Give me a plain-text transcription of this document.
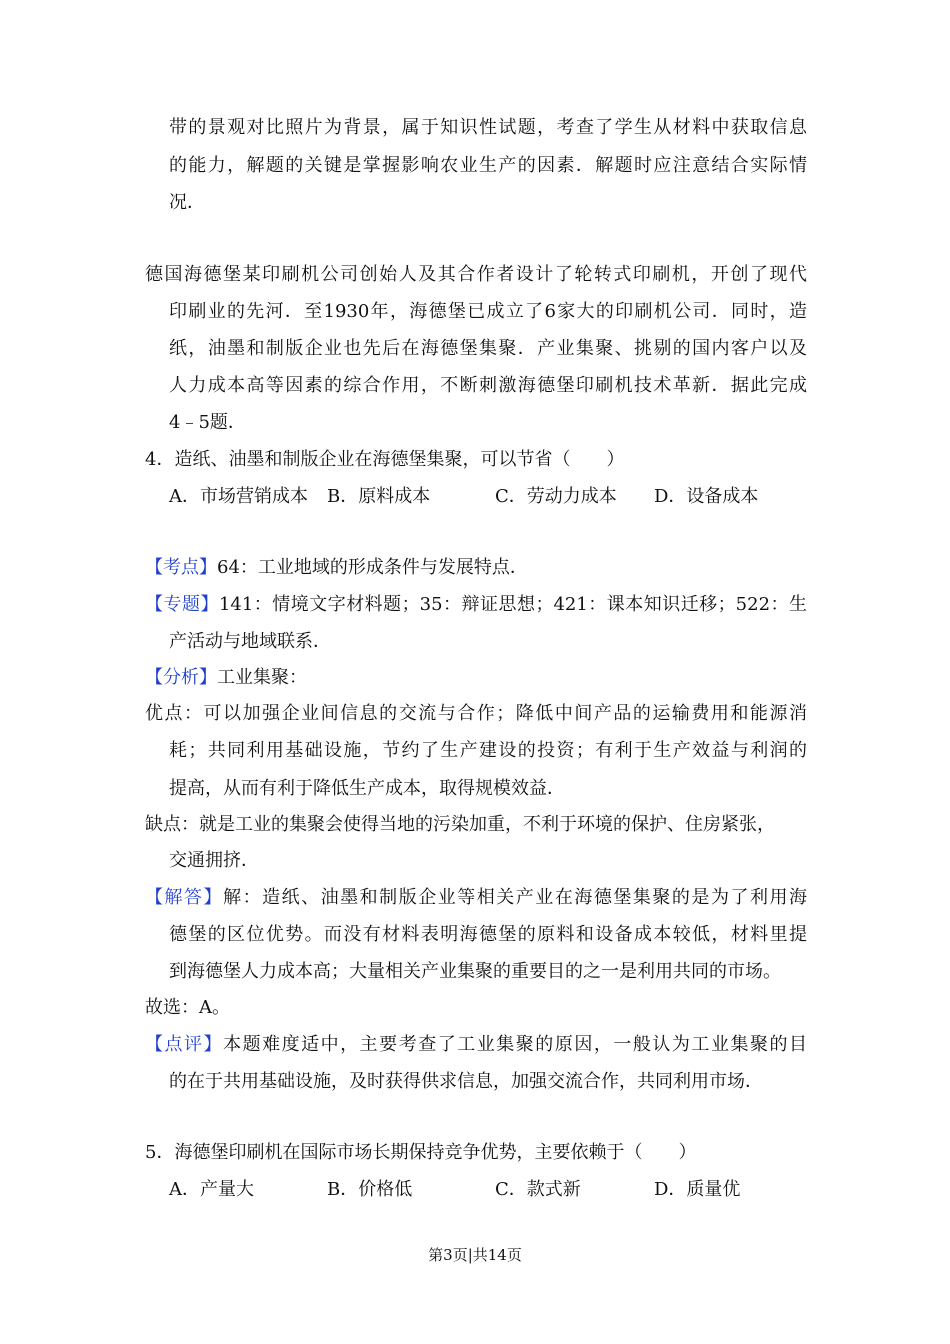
带的景观对比照片为背景，属于知识性试题，考查了学生从材料中获取信息
的能力，解题的关键是掌握影响农业生产的因素．解题时应注意结合实际情
况．
德国海德堡某印刷机公司创始人及其合作者设计了轮转式印刷机，开创了现代
印刷业的先河．至1930年，海德堡已成立了6家大的印刷机公司．同时，造
纸，油墨和制版企业也先后在海德堡集聚．产业集聚、挑剔的国内客户以及
人力成本高等因素的综合作用，不断刺激海德堡印刷机技术革新．据此完成
4﹣5题．
4．造纸、油墨和制版企业在海德堡集聚，可以节省（　　）
A．市场营销成本 B．原料成本	C．劳动力成本 D．设备成本
【考点】64：工业地域的形成条件与发展特点．
【专题】141：情境文字材料题；35：辩证思想；421：课本知识迁移；522：生
产活动与地域联系．
【分析】工业集聚：
优点：可以加强企业间信息的交流与合作；降低中间产品的运输费用和能源消
耗；共同利用基础设施，节约了生产建设的投资；有利于生产效益与利润的
提高，从而有利于降低生产成本，取得规模效益．
缺点：就是工业的集聚会使得当地的污染加重，不利于环境的保护、住房紧张，
交通拥挤．
【解答】解：造纸、油墨和制版企业等相关产业在海德堡集聚的是为了利用海
德堡的区位优势。而没有材料表明海德堡的原料和设备成本较低，材料里提
到海德堡人力成本高；大量相关产业集聚的重要目的之一是利用共同的市场。
故选：A。
【点评】本题难度适中，主要考查了工业集聚的原因，一般认为工业集聚的目
的在于共用基础设施，及时获得供求信息，加强交流合作，共同利用市场．
5．海德堡印刷机在国际市场长期保持竞争优势，主要依赖于（　　）
A．产量大	B．价格低	C．款式新	D．质量优
第3页|共14页
